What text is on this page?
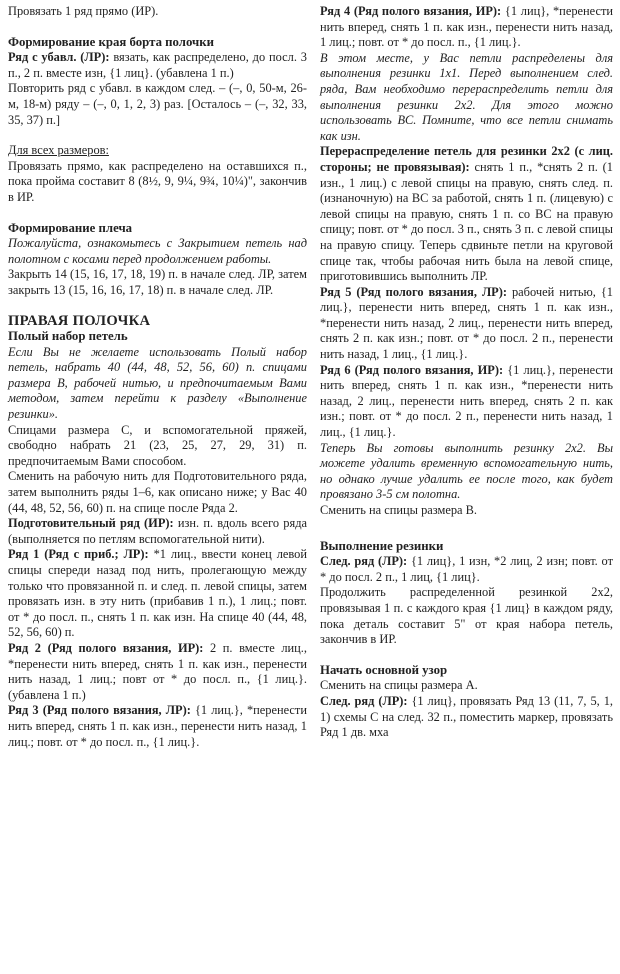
Провязать 1 ряд прямо (ИР).

Формирование края борта полочки

Ряд с убавл. (ЛР): вязать, как распределено, до посл. 3 п., 2 п. вместе изн, {1 лиц}. (убавлена 1 п.)

Повторить ряд с убавл. в каждом след. – (–, 0, 50-м, 26-м, 18-м) ряду – (–, 0, 1, 2, 3) раз. [Осталось – (–, 32, 33, 35, 37) п.]

Для всех размеров:

Провязать прямо, как распределено на оставшихся п., пока пройма составит 8 (8½, 9, 9¼, 9¾, 10¼)", закончив в ИР.

Формирование плеча

Пожалуйста, ознакомьтесь с Закрытием петель над полотном с косами перед продолжением работы.

Закрыть 14 (15, 16, 17, 18, 19) п. в начале след. ЛР, затем закрыть 13 (15, 16, 16, 17, 18) п. в начале след. ЛР.

ПРАВАЯ ПОЛОЧКА

Полый набор петель

Если Вы не желаете использовать Полый набор петель, набрать 40 (44, 48, 52, 56, 60) п. спицами размера B, рабочей нитью, и предпочитаемым Вами методом, затем перейти к разделу «Выполнение резинки».

Спицами размера C, и вспомогательной пряжей, свободно набрать 21 (23, 25, 27, 29, 31) п. предпочитаемым Вами способом.

Сменить на рабочую нить для Подготовительного ряда, затем выполнить ряды 1–6, как описано ниже; у Вас 40 (44, 48, 52, 56, 60) п. на спице после Ряда 2.

Подготовительный ряд (ИР): изн. п. вдоль всего ряда (выполняется по петлям вспомогательной нити).

Ряд 1 (Ряд с приб.; ЛР): *1 лиц., ввести конец левой спицы спереди назад под нить, пролегающую между только что провязанной п. и след. п. левой спицы, затем провязать изн. в эту нить (прибавив 1 п.), 1 лиц.; повт. от * до посл. п., снять 1 п. как изн. На спице 40 (44, 48, 52, 56, 60) п.

Ряд 2 (Ряд полого вязания, ИР): 2 п. вместе лиц., *перенести нить вперед, снять 1 п. как изн., перенести нить назад, 1 лиц.; повт от * до посл. п., {1 лиц.}. (убавлена 1 п.)

Ряд 3 (Ряд полого вязания, ЛР): {1 лиц.}, *перенести нить вперед, снять 1 п. как изн., перенести нить назад, 1 лиц.; повт. от * до посл. п., {1 лиц.}.

Ряд 4 (Ряд полого вязания, ИР): {1 лиц}, *перенести нить вперед, снять 1 п. как изн., перенести нить назад, 1 лиц.; повт. от * до посл. п., {1 лиц.}.

В этом месте, у Вас петли распределены для выполнения резинки 1x1. Перед выполнением след. ряда, Вам необходимо перераспределить петли для выполнения резинки 2x2. Для этого можно использовать BC. Помните, что все петли снимать как изн.

Перераспределение петель для резинки 2x2 (с лиц. стороны; не провязывая): снять 1 п., *снять 2 п. (1 изн., 1 лиц.) с левой спицы на правую, снять след. п. (изнаночную) на BC за работой, снять 1 п. (лицевую) с левой спицы на правую, снять 1 п. со BC на правую спицу; повт. от * до посл. 3 п., снять 3 п. с левой спицы на правую спицу. Теперь сдвиньте петли на круговой спице так, чтобы рабочая нить была на левой спице, приготовившись выполнить ЛР.

Ряд 5 (Ряд полого вязания, ЛР): рабочей нитью, {1 лиц.}, перенести нить вперед, снять 1 п. как изн., *перенести нить назад, 2 лиц., перенести нить вперед, снять 2 п. как изн.; повт. от * до посл. 2 п., перенести нить назад, 1 лиц., {1 лиц.}.

Ряд 6 (Ряд полого вязания, ИР): {1 лиц.}, перенести нить вперед, снять 1 п. как изн., *перенести нить назад, 2 лиц., перенести нить вперед, снять 2 п. как изн.; повт. от * до посл. 2 п., перенести нить назад, 1 лиц., {1 лиц.}.

Теперь Вы готовы выполнить резинку 2x2. Вы можете удалить временную вспомогательную нить, но однако лучше удалить ее после того, как будет провязано 3-5 см полотна.

Сменить на спицы размера B.

Выполнение резинки

След. ряд (ЛР): {1 лиц}, 1 изн, *2 лиц, 2 изн; повт. от * до посл. 2 п., 1 лиц, {1 лиц}.

Продолжить распределенной резинкой 2x2, провязывая 1 п. с каждого края {1 лиц} в каждом ряду, пока деталь составит 5" от края набора петель, закончив в ИР.

Начать основной узор

Сменить на спицы размера A.

След. ряд (ЛР): {1 лиц}, провязать Ряд 13 (11, 7, 5, 1, 1) схемы C на след. 32 п., поместить маркер, провязать Ряд 1 дв. мха
